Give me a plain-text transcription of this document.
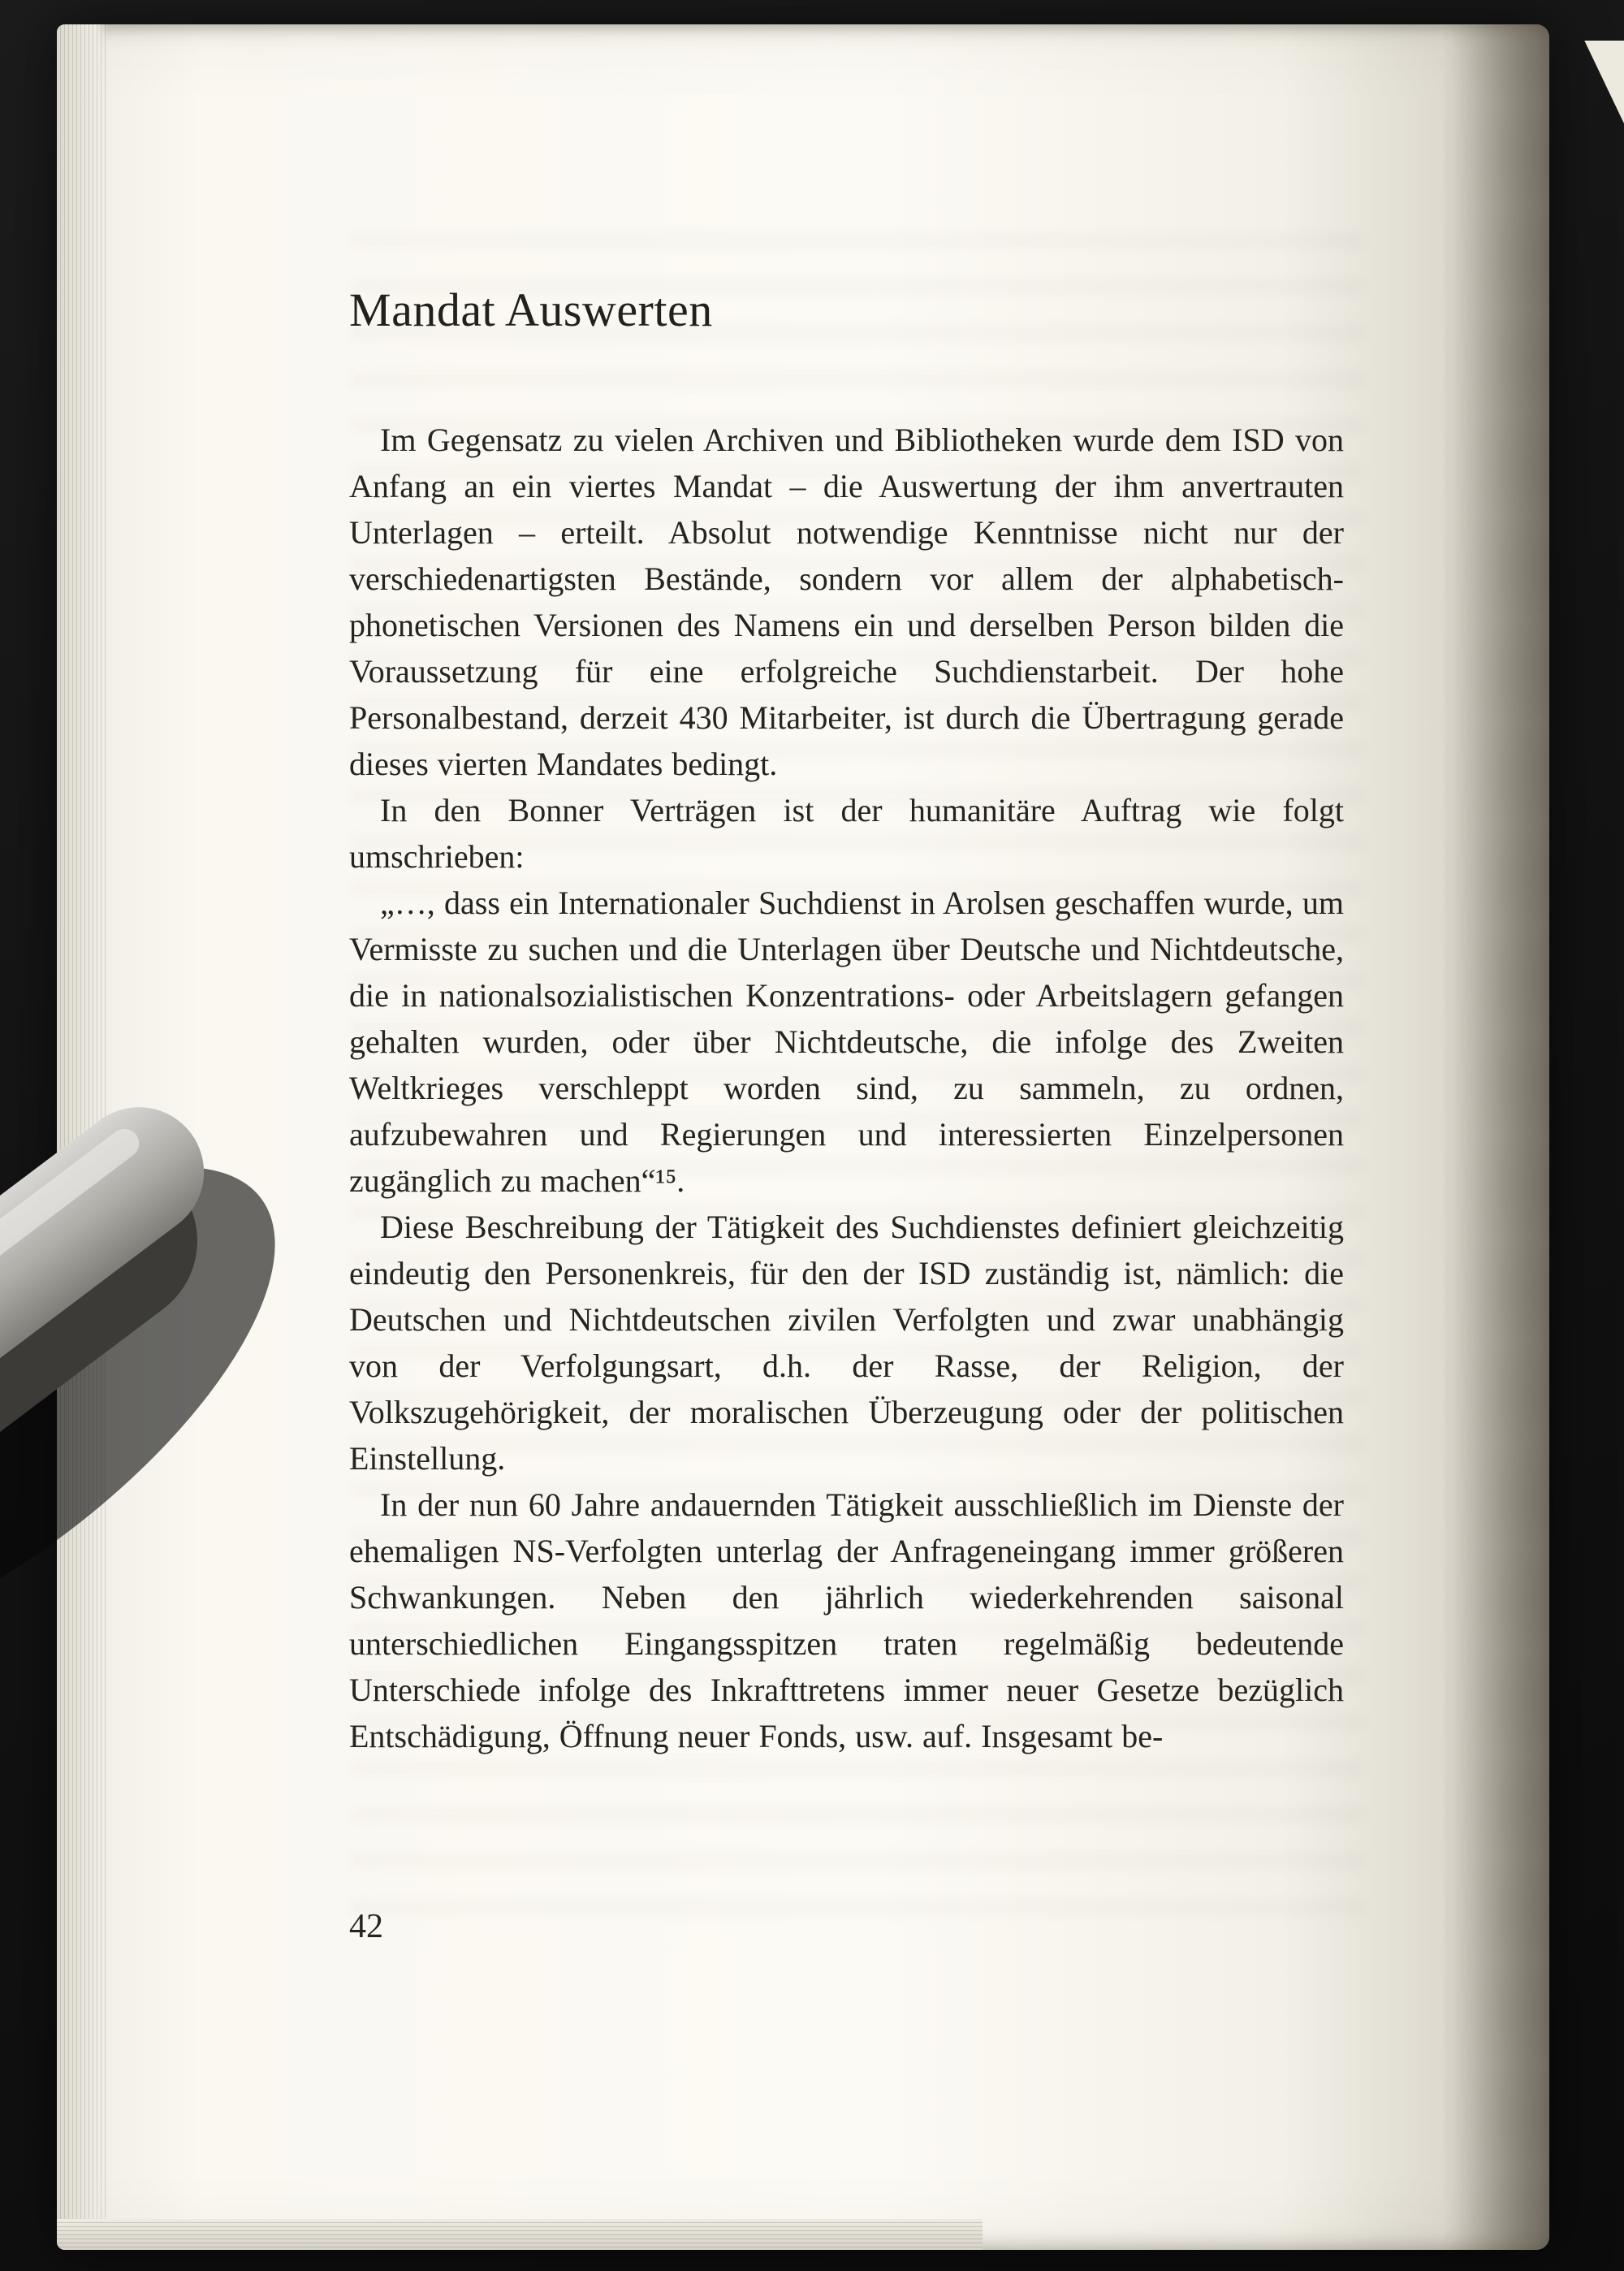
Mandat Auswerten

Im Gegensatz zu vielen Archiven und Bibliotheken wurde dem ISD von Anfang an ein viertes Mandat – die Auswertung der ihm anvertrauten Unterlagen – erteilt. Absolut notwendige Kenntnisse nicht nur der verschiedenartigsten Bestände, sondern vor allem der alphabetisch-phonetischen Versionen des Namens ein und derselben Person bilden die Voraussetzung für eine erfolgreiche Suchdienstarbeit. Der hohe Personalbestand, derzeit 430 Mitarbeiter, ist durch die Übertragung gerade dieses vierten Mandates bedingt.

In den Bonner Verträgen ist der humanitäre Auftrag wie folgt umschrieben:

„…, dass ein Internationaler Suchdienst in Arolsen geschaffen wurde, um Vermisste zu suchen und die Unterlagen über Deutsche und Nichtdeutsche, die in nationalsozialistischen Konzentrations- oder Arbeitslagern gefangen gehalten wurden, oder über Nichtdeutsche, die infolge des Zweiten Weltkrieges verschleppt worden sind, zu sammeln, zu ordnen, aufzubewahren und Regierungen und interessierten Einzelpersonen zugänglich zu machen“¹⁵.

Diese Beschreibung der Tätigkeit des Suchdienstes definiert gleichzeitig eindeutig den Personenkreis, für den der ISD zuständig ist, nämlich: die Deutschen und Nichtdeutschen zivilen Verfolgten und zwar unabhängig von der Verfolgungsart, d.h. der Rasse, der Religion, der Volkszugehörigkeit, der moralischen Überzeugung oder der politischen Einstellung.

In der nun 60 Jahre andauernden Tätigkeit ausschließlich im Dienste der ehemaligen NS-Verfolgten unterlag der Anfrageneingang immer größeren Schwankungen. Neben den jährlich wiederkehrenden saisonal unterschiedlichen Eingangsspitzen traten regelmäßig bedeutende Unterschiede infolge des Inkrafttretens immer neuer Gesetze bezüglich Entschädigung, Öffnung neuer Fonds, usw. auf. Insgesamt be-

42
